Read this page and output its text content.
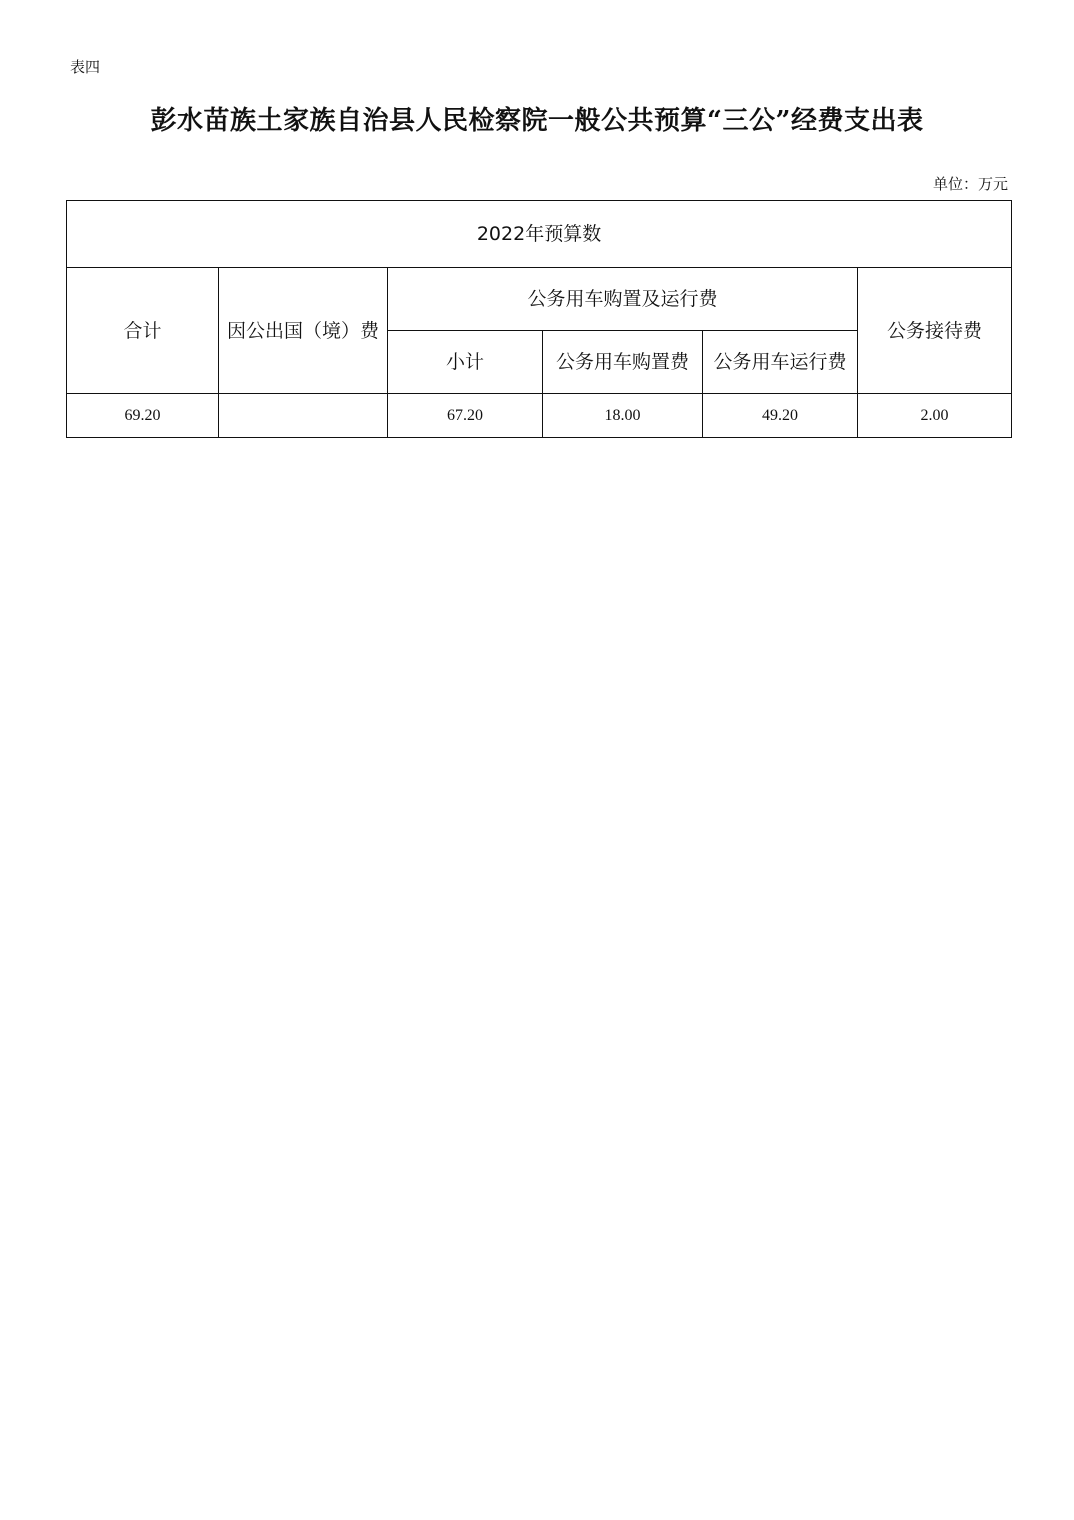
表四
彭水苗族土家族自治县人民检察院一般公共预算“三公”经费支出表
单位：万元
2022年预算数					
合计	因公出国（境）费	公务用车购置及运行费			公务接待费
		小计	公务用车购置费	公务用车运行费	
69.20		67.20	18.00	49.20	2.00
